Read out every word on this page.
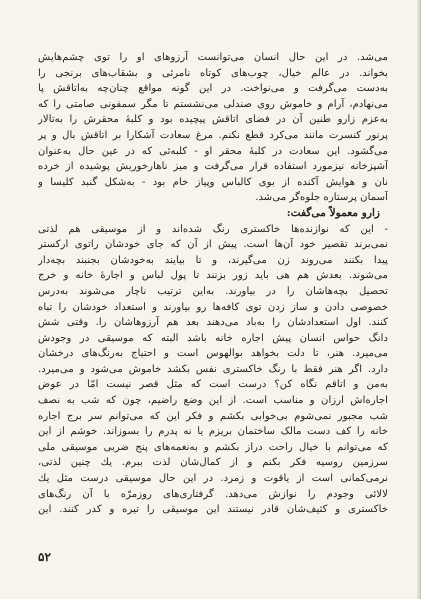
می‌شد. در این حال انسان می‌توانست آرزوهای او را توی چشم‌هایش
بخواند. در عالم خیال، چوب‌های کوتاه نامرئی و بشقاب‌های برنجی را
به‌دست می‌گرفت و می‌نواخت. در این گونه مواقع چنان‌چه به‌اتاقش پا
می‌نهادم، آرام و خاموش روی صندلی می‌نشستم تا مگر سمفونی صامتی را که
به‌عزم زارو طنین آن در فضای اتاقش پیچیده بود و کلبهٔ محقرش را به‌تالار
پرنور کنسرت مانند می‌کرد قطع نکنم. مرغ سعادت آشکارا بر اتاقش بال و پر
می‌گشود. این سعادت در کلبهٔ محقر او - کلبه‌ئی که در عین حال به‌عنوان
آشپزخانه نیزمورد استفاده قرار می‌گرفت و میز ناهارخوریش پوشیده از خرده
نان و هوایش آکنده از بوی کالباس وپیاز خام بود - به‌شکل گنبد کلیسا و
آسمان پرستاره جلوه‌گر می‌شد.

زارو معمولاً می‌گفت:

- این که نوازنده‌ها خاکستری رنگ شده‌اند و از موسیقی هم لذتی
نمی‌برند تقصیر خود آن‌ها است. پیش از آن که جای خودشان راتوی ارکستر
پیدا بکنند می‌روند زن می‌گیرند، و تا بیایند به‌خودشان بجنبند بچه‌دار
می‌شوند. بعدش هم هی باید زور بزنند تا پول لباس و اجارهٔ خانه و خرج
تحصیل بچه‌هاشان را در بیاورند. به‌این ترتیب ناچار می‌شوند به‌درس
خصوصی دادن و ساز زدن توی کافه‌ها رو بیاورند و استعداد خودشان را تباه
کنند. اول استعدادشان را به‌باد می‌دهند بعد هم آرزوهاشان را. وقتی شش
دانگ حواس انسان پیش اجاره خانه باشد البته که موسیقی در وجودش
می‌میرد. هنر، تا دلت بخواهد بوالهوس است و احتیاج به‌رنگ‌های درخشان
دارد. اگر هنر فقط با رنگ خاکستری نفس بکشد خاموش می‌شود و می‌میرد.
به‌من و اتاقم نگاه کن؟ درست است که مثل قصر نیست امّا در عوض
اجاره‌اش ارزان و مناسب است. از این وضع راضیم، چون که شب‌ به نصف
شب مجبور نمی‌شوم بی‌خوابی بکشم و فکر این که می‌توانم سر برج اجاره
خانه را کف دست مالک ساختمان بریزم یا نه پدرم را بسوزاند. خوشم از این
که می‌توانم با خیال راحت دراز بکشم و به‌نغمه‌های پنج ضربی موسیقی ملی
سرزمین روسیه فکر بکنم و از کمال‌شان لذت ببرم. یك چنین لذتی،
نرمی‌کمانی است از یاقوت و زمرد. در این حال موسیقی درست مثل یك
لالائی وجودم را نوازش می‌دهد. گرفتاری‌های روزمرّه با آن رنگ‌های
خاکستری و کثیف‌شان قادر نیستند این موسیقی را تیره و کدر کنند. این

۵۲
